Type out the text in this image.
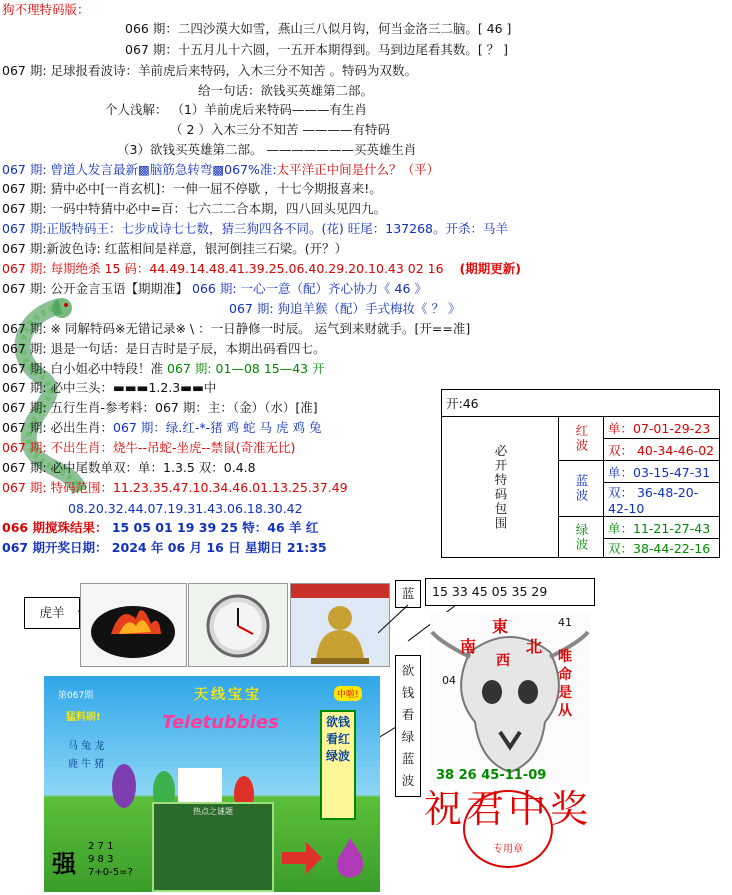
狗不理特码版：
066 期：二四沙漠大如雪，燕山三八似月钩，何当金洛三二脑。[ 46 ]
067 期：十五月儿十六圆，一五开本期得到。马到边尾看其数。[ ？ ]
067 期: 足球报看波诗：羊前虎后来特码，入木三分不知苦 。特码为双数。
给一句话：欲钱买英雄第二部。
个人浅解： （1）羊前虎后来特码———有生肖
（ 2 ）入木三分不知苦 ————有特码
（3）欲钱买英雄第二部。 ———————买英雄生肖
067 期: 曾道人发言最新▩脑筋急转弯▩067%准:太平洋正中间是什么？（平）
067 期: 猜中必中[一肖玄机]：一伸一屈不停歇 ，十七今期报喜来!。
067 期: 一码中特猜中必中=百：七六二二合本期，四八回头见四九。
067 期:正版特码王：七步成诗七七数，猜三狗四各不同。(花) 旺尾：137268。开杀：马羊
067 期:新波色诗: 红蓝相间是祥意，银河倒挂三石梁。(开？）
067 期: 每期绝杀 15 码：44.49.14.48.41.39.25.06.40.29.20.10.43 02 16 (期期更新)
067 期: 公开金言玉语【期期准】 066 期: 一心一意（配）齐心协力《 46 》
067 期: 狗追羊猴（配）手式梅妆《 ？ 》
067 期: ※ 同解特码※无错记录※ \ ：一日静修一时辰。 运气到来财就手。[开==准]
067 期: 退是一句话：是日吉时是子辰，本期出码看四七。
067 期: 白小姐必中特段！准 067 期: 01—08 15—43 开
067 期: 必中三头：▬▬▬1.2.3▬▬中
067 期: 五行生肖-参考料：067 期：主：（金）（水）[准]
067 期: 必出生肖：067 期：绿.红-*-猪 鸡 蛇 马 虎 鸡 兔
067 期: 不出生肖：烧牛--吊蛇-坐虎--禁鼠(奇准无比)
067 期: 必中尾数单双：单：1.3.5 双：0.4.8
067 期: 特码范围：11.23.35.47.10.34.46.01.13.25.37.49
08.20.32.44.07.19.31.43.06.18.30.42
066 期搅珠结果： 15 05 01 19 39 25 特：46 羊 红
067 期开奖日期： 2024 年 06 月 16 日 星期日 21:35
开:46		
必开特码包围	红波	单：07-01-29-23
		双： 40-34-46-02
	蓝波	单：03-15-47-31
		双： 36-48-20-42-10
	绿波	单：11-21-27-43
		双：38-44-22-16
虎羊
蓝	15 33 45 05 35 29
欲钱看绿蓝波
第067期	天线宝宝
Teletubbies
猛料刷!
中啦!
马 兔 龙 鹿 牛 猪
欲钱看红绿波
热点之谜题
强
2 7 1
9 8 3
7+0-5=?
東
南
西
北
41
04
唯命是从
38 26 45-11-09
祝君中奖
专用章
